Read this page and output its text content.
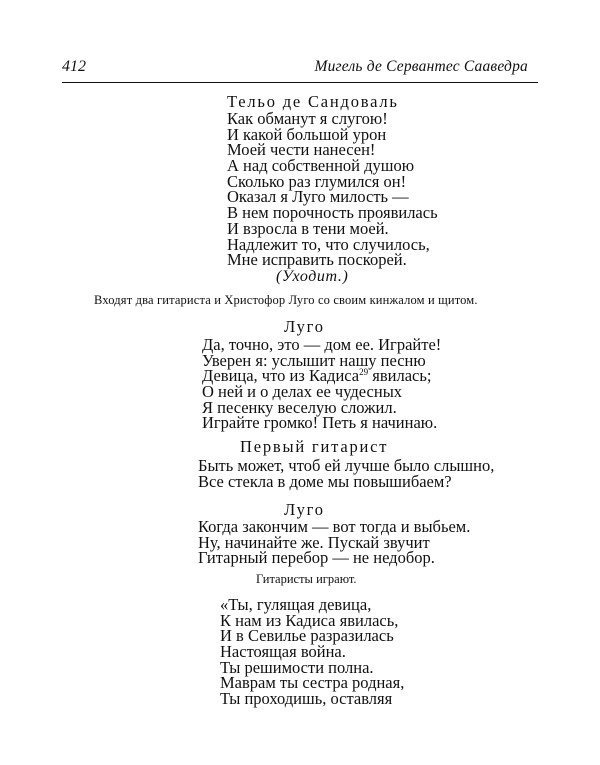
412	Мигель де Сервантес Сааведра
Тельо де Сандоваль
Как обманут я слугою!
И какой большой урон
Моей чести нанесен!
А над собственной душою
Сколько раз глумился он!
Оказал я Луго милость —
В нем порочность проявилась
И взросла в тени моей.
Надлежит то, что случилось,
Мне исправить поскорей.
(Уходит.)
Входят два гитариста и Христофор Луго со своим кинжалом и щитом.
Луго
Да, точно, это — дом ее. Играйте!
Уверен я: услышит нашу песню
Девица, что из Кадиса$^{29}$ явилась;
О ней и о делах ее чудесных
Я песенку веселую сложил.
Играйте громко! Петь я начинаю.
Первый гитарист
Быть может, чтоб ей лучше было слышно,
Все стекла в доме мы повышибаем?
Луго
Когда закончим — вот тогда и выбьем.
Ну, начинайте же. Пускай звучит
Гитарный перебор — не недобор.
Гитаристы играют.
«Ты, гулящая девица,
К нам из Кадиса явилась,
И в Севилье разразилась
Настоящая война.
Ты решимости полна.
Маврам ты сестра родная,
Ты проходишь, оставляя
